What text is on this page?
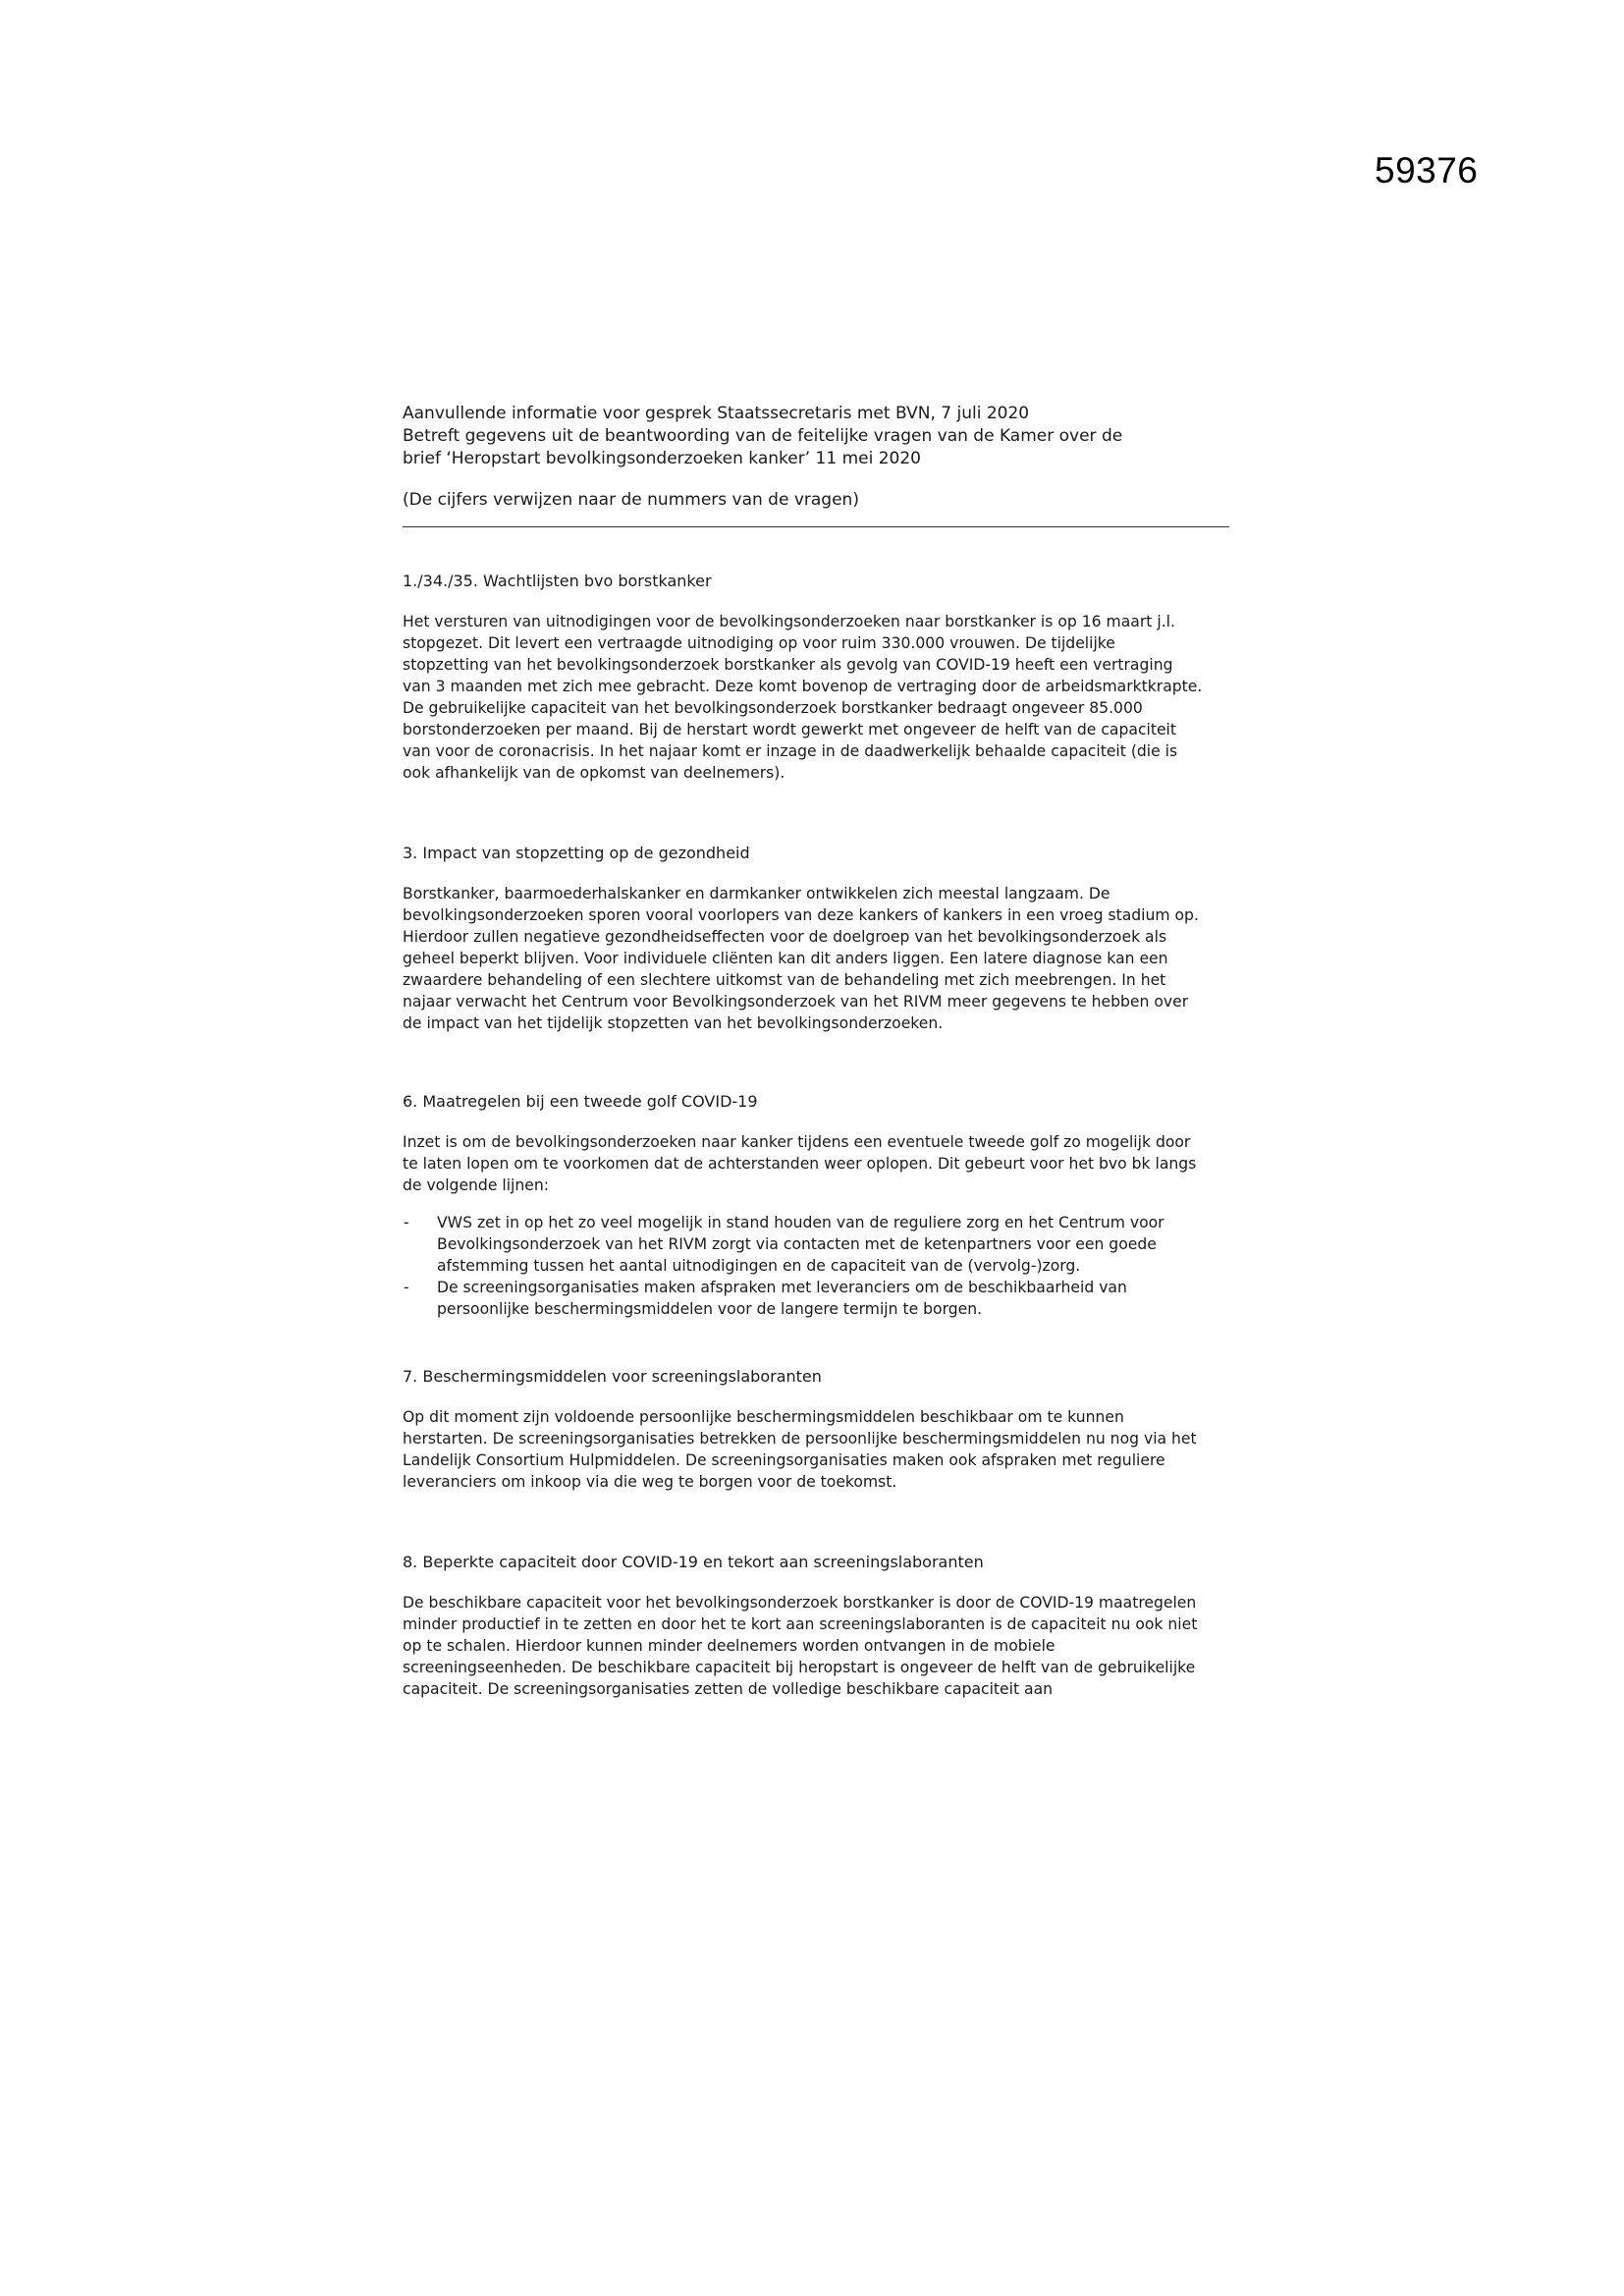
59376
Aanvullende informatie voor gesprek Staatssecretaris met BVN, 7 juli 2020
Betreft gegevens uit de beantwoording van de feitelijke vragen van de Kamer over de
brief ‘Heropstart bevolkingsonderzoeken kanker’ 11 mei 2020
(De cijfers verwijzen naar de nummers van de vragen)
1./34./35. Wachtlijsten bvo borstkanker
Het versturen van uitnodigingen voor de bevolkingsonderzoeken naar borstkanker is op 16 maart j.l.
stopgezet. Dit levert een vertraagde uitnodiging op voor ruim 330.000 vrouwen. De tijdelijke
stopzetting van het bevolkingsonderzoek borstkanker als gevolg van COVID-19 heeft een vertraging
van 3 maanden met zich mee gebracht. Deze komt bovenop de vertraging door de arbeidsmarktkrapte.
De gebruikelijke capaciteit van het bevolkingsonderzoek borstkanker bedraagt ongeveer 85.000
borstonderzoeken per maand. Bij de herstart wordt gewerkt met ongeveer de helft van de capaciteit
van voor de coronacrisis. In het najaar komt er inzage in de daadwerkelijk behaalde capaciteit (die is
ook afhankelijk van de opkomst van deelnemers).
3. Impact van stopzetting op de gezondheid
Borstkanker, baarmoederhalskanker en darmkanker ontwikkelen zich meestal langzaam. De
bevolkingsonderzoeken sporen vooral voorlopers van deze kankers of kankers in een vroeg stadium op.
Hierdoor zullen negatieve gezondheidseffecten voor de doelgroep van het bevolkingsonderzoek als
geheel beperkt blijven. Voor individuele cliënten kan dit anders liggen. Een latere diagnose kan een
zwaardere behandeling of een slechtere uitkomst van de behandeling met zich meebrengen. In het
najaar verwacht het Centrum voor Bevolkingsonderzoek van het RIVM meer gegevens te hebben over
de impact van het tijdelijk stopzetten van het bevolkingsonderzoeken.
6. Maatregelen bij een tweede golf COVID-19
Inzet is om de bevolkingsonderzoeken naar kanker tijdens een eventuele tweede golf zo mogelijk door
te laten lopen om te voorkomen dat de achterstanden weer oplopen. Dit gebeurt voor het bvo bk langs
de volgende lijnen:
- VWS zet in op het zo veel mogelijk in stand houden van de reguliere zorg en het Centrum voor
Bevolkingsonderzoek van het RIVM zorgt via contacten met de ketenpartners voor een goede
afstemming tussen het aantal uitnodigingen en de capaciteit van de (vervolg-)zorg.
- De screeningsorganisaties maken afspraken met leveranciers om de beschikbaarheid van
persoonlijke beschermingsmiddelen voor de langere termijn te borgen.
7. Beschermingsmiddelen voor screeningslaboranten
Op dit moment zijn voldoende persoonlijke beschermingsmiddelen beschikbaar om te kunnen
herstarten. De screeningsorganisaties betrekken de persoonlijke beschermingsmiddelen nu nog via het
Landelijk Consortium Hulpmiddelen. De screeningsorganisaties maken ook afspraken met reguliere
leveranciers om inkoop via die weg te borgen voor de toekomst.
8. Beperkte capaciteit door COVID-19 en tekort aan screeningslaboranten
De beschikbare capaciteit voor het bevolkingsonderzoek borstkanker is door de COVID-19 maatregelen
minder productief in te zetten en door het te kort aan screeningslaboranten is de capaciteit nu ook niet
op te schalen. Hierdoor kunnen minder deelnemers worden ontvangen in de mobiele
screeningseenheden. De beschikbare capaciteit bij heropstart is ongeveer de helft van de gebruikelijke
capaciteit. De screeningsorganisaties zetten de volledige beschikbare capaciteit aan
